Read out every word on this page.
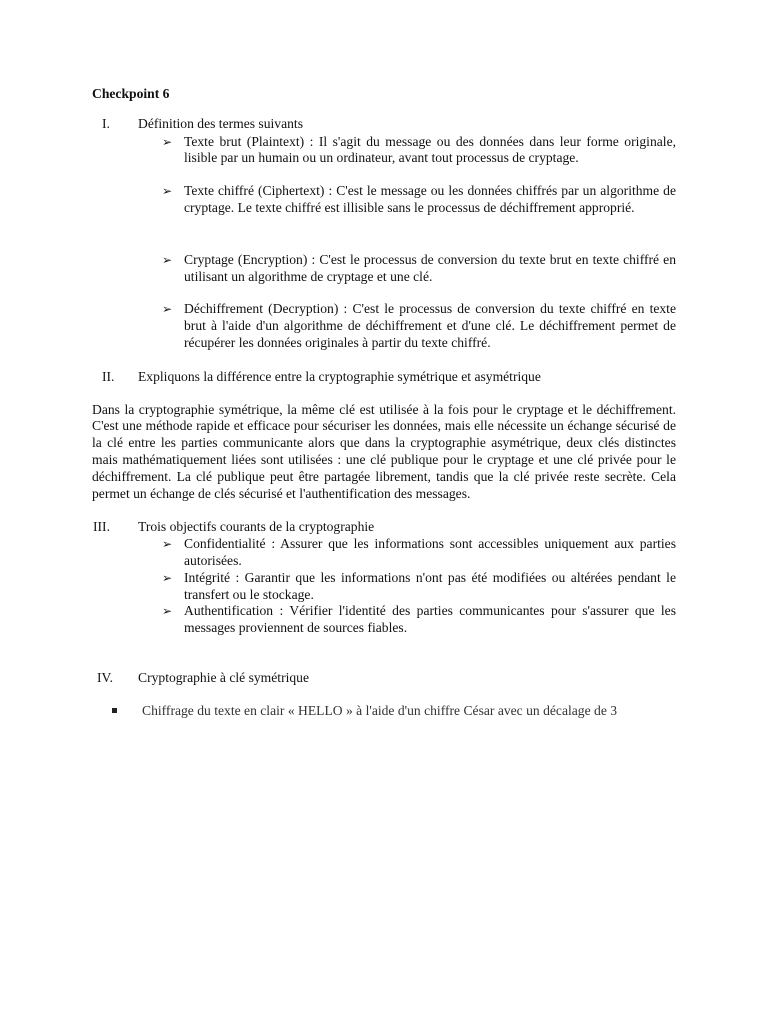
Checkpoint 6
I.	Définition des termes suivants
➢ Texte brut (Plaintext) : Il s'agit du message ou des données dans leur forme originale, lisible par un humain ou un ordinateur, avant tout processus de cryptage.
➢ Texte chiffré (Ciphertext) : C'est le message ou les données chiffrés par un algorithme de cryptage. Le texte chiffré est illisible sans le processus de déchiffrement approprié.
➢ Cryptage (Encryption) : C'est le processus de conversion du texte brut en texte chiffré en utilisant un algorithme de cryptage et une clé.
➢ Déchiffrement (Decryption) : C'est le processus de conversion du texte chiffré en texte brut à l'aide d'un algorithme de déchiffrement et d'une clé. Le déchiffrement permet de récupérer les données originales à partir du texte chiffré.
II.	Expliquons la différence entre la cryptographie symétrique et asymétrique
Dans la cryptographie symétrique, la même clé est utilisée à la fois pour le cryptage et le déchiffrement. C'est une méthode rapide et efficace pour sécuriser les données, mais elle nécessite un échange sécurisé de la clé entre les parties communicante alors que dans la cryptographie asymétrique, deux clés distinctes mais mathématiquement liées sont utilisées : une clé publique pour le cryptage et une clé privée pour le déchiffrement. La clé publique peut être partagée librement, tandis que la clé privée reste secrète. Cela permet un échange de clés sécurisé et l'authentification des messages.
III.	Trois objectifs courants de la cryptographie
➢ Confidentialité : Assurer que les informations sont accessibles uniquement aux parties autorisées.
➢ Intégrité : Garantir que les informations n'ont pas été modifiées ou altérées pendant le transfert ou le stockage.
➢ Authentification : Vérifier l'identité des parties communicantes pour s'assurer que les messages proviennent de sources fiables.
IV.	Cryptographie à clé symétrique
Chiffrage du texte en clair « HELLO » à l'aide d'un chiffre César avec un décalage de 3
